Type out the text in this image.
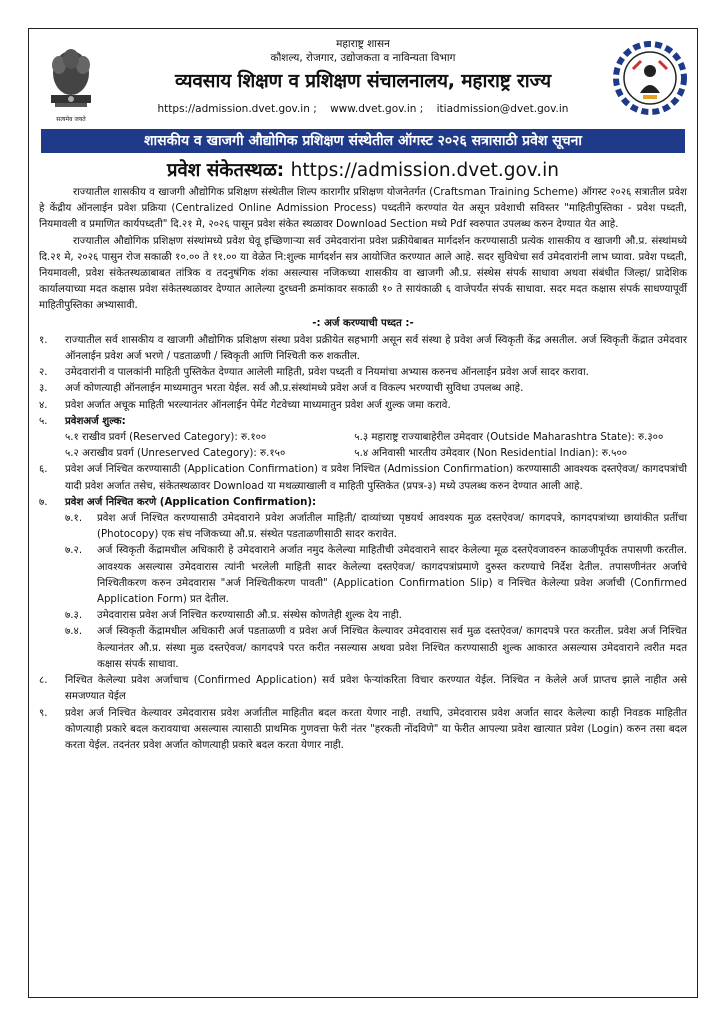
सत्यमेव जयते
महाराष्ट्र शासन
कौशल्य, रोजगार, उद्योजकता व नाविन्यता विभाग
व्यवसाय शिक्षण व प्रशिक्षण संचालनालय, महाराष्ट्र राज्य
https://admission.dvet.gov.in ; www.dvet.gov.in ; itiadmission@dvet.gov.in
शासकीय व खाजगी औद्योगिक प्रशिक्षण संस्थेतील ऑगस्ट २०२६ सत्रासाठी प्रवेश सूचना
प्रवेश संकेतस्थळ: https://admission.dvet.gov.in

राज्यातील शासकीय व खाजगी औद्योगिक प्रशिक्षण संस्थेतील शिल्प कारागीर प्रशिक्षण योजनेतर्गत (Craftsman Training Scheme) ऑगस्ट २०२६ सत्रातील प्रवेश हे केंद्रीय ऑनलाईन प्रवेश प्रक्रिया (Centralized Online Admission Process) पध्दतीने करण्यांत येत असून प्रवेशाची सविस्तर "माहितीपुस्तिका - प्रवेश पध्दती, नियमावली व प्रमाणित कार्यपध्दती" दि.२१ मे, २०२६ पासून प्रवेश संकेत स्थळावर Download Section मध्ये Pdf स्वरुपात उपलब्ध करुन देण्यात येत आहे.

राज्यातील औद्योगिक प्रशिक्षण संस्थांमध्ये प्रवेश घेवू इच्छिणाऱ्या सर्व उमेदवारांना प्रवेश प्रक्रीयेबाबत मार्गदर्शन करण्यासाठी प्रत्येक शासकीय व खाजगी औ.प्र. संस्थांमध्ये दि.२१ मे, २०२६ पासुन रोज सकाळी १०.०० ते ११.०० या वेळेत नि:शुल्क मार्गदर्शन सत्र आयोजित करण्यात आले आहे. सदर सुविधेचा सर्व उमेदवारांनी लाभ घ्यावा. प्रवेश पध्दती, नियमावली, प्रवेश संकेतस्थळाबाबत तांत्रिक व तदनुषंगिक शंका असल्यास नजिकच्या शासकीय वा खाजगी औ.प्र. संस्थेस संपर्क साधावा अथवा संबंधीत जिल्हा/ प्रादेशिक कार्यालयाच्या मदत कक्षास प्रवेश संकेतस्थळावर देण्यात आलेल्या दुरध्वनी क्रमांकावर सकाळी १० ते सायंकाळी ६ वाजेपर्यंत संपर्क साधावा. सदर मदत कक्षास संपर्क साधण्यापूर्वी माहितीपुस्तिका अभ्यासावी.

-: अर्ज करण्याची पध्दत :-
१.	राज्यातील सर्व शासकीय व खाजगी औद्योगिक प्रशिक्षण संस्था प्रवेश प्रक्रीयेत सहभागी असून सर्व संस्था हे प्रवेश अर्ज स्विकृती केंद्र असतील. अर्ज स्विकृती केंद्रात उमेदवार ऑनलाईन प्रवेश अर्ज भरणे / पडताळणी / स्विकृती आणि निश्चिती करु शकतील.
२.	उमेदवारांनी व पालकांनी माहिती पुस्तिकेत देण्यात आलेली माहिती, प्रवेश पध्दती व नियमांचा अभ्यास करुनच ऑनलाईन प्रवेश अर्ज सादर करावा.
३.	अर्ज कोणत्याही ऑनलाईन माध्यमातुन भरता येईल. सर्व औ.प्र.संस्थांमध्ये प्रवेश अर्ज व विकल्प भरण्याची सुविधा उपलब्ध आहे.
४.	प्रवेश अर्जात अचूक माहिती भरल्यानंतर ऑनलाईन पेमेंट गेटवेच्या माध्यमातुन प्रवेश अर्ज शुल्क जमा करावे.
५.	प्रवेशअर्ज शुल्क:
५.१ राखीव प्रवर्ग (Reserved Category): रु.१००	५.३ महाराष्ट्र राज्याबाहेरील उमेदवार (Outside Maharashtra State): रु.३००
५.२ अराखीव प्रवर्ग (Unreserved Category): रु.१५०	५.४ अनिवासी भारतीय उमेदवार (Non Residential Indian): रु.५००
६.	प्रवेश अर्ज निश्चित करण्यासाठी (Application Confirmation) व प्रवेश निश्चित (Admission Confirmation) करण्यासाठी आवश्यक दस्तऐवज/ कागदपत्रांची यादी प्रवेश अर्जात तसेच, संकेतस्थळावर Download या मथळ्याखाली व माहिती पुस्तिकेत (प्रपत्र-३) मध्ये उपलब्ध करुन देण्यात आली आहे.
७.	प्रवेश अर्ज निश्चित करणे (Application Confirmation):
७.१.	प्रवेश अर्ज निश्चित करण्यासाठी उमेदवाराने प्रवेश अर्जातील माहिती/ दाव्यांच्या पृष्ठयर्थ आवश्यक मुळ दस्तऐवज/ कागदपत्रे, कागदपत्रांच्या छायांकीत प्रतींचा (Photocopy) एक संच नजिकच्या औ.प्र. संस्थेत पडताळणीसाठी सादर करावेत.
७.२.	अर्ज स्विकृती केंद्रामधील अधिकारी हे उमेदवाराने अर्जात नमुद केलेल्या माहितीची उमेदवाराने सादर केलेल्या मूळ दस्तऐवजावरुन काळजीपूर्वक तपासणी करतील. आवश्यक असल्यास उमेदवारास त्यांनी भरलेली माहिती सादर केलेल्या दस्तऐवज/ कागदपत्रांप्रमाणे दुरुस्त करण्याचे निर्देश देतील. तपासणीनंतर अर्जाचे निश्चितीकरण करुन उमेदवारास "अर्ज निश्चितीकरण पावती" (Application Confirmation Slip) व निश्चित केलेल्या प्रवेश अर्जाची (Confirmed Application Form) प्रत देतील.
७.३.	उमेदवारास प्रवेश अर्ज निश्चित करण्यासाठी औ.प्र. संस्थेस कोणतेही शुल्क देय नाही.
७.४.	अर्ज स्विकृती केंद्रामधील अधिकारी अर्ज पडताळणी व प्रवेश अर्ज निश्चित केल्यावर उमेदवारास सर्व मुळ दस्तऐवज/ कागदपत्रे परत करतील. प्रवेश अर्ज निश्चित केल्यानंतर औ.प्र. संस्था मुळ दस्तऐवज/ कागदपत्रे परत करीत नसल्यास अथवा प्रवेश निश्चित करण्यासाठी शुल्क आकारत असल्यास उमेदवाराने त्वरीत मदत कक्षास संपर्क साधावा.
८.	निश्चित केलेल्या प्रवेश अर्जाचाच (Confirmed Application) सर्व प्रवेश फेऱ्यांकरिता विचार करण्यात येईल. निश्चित न केलेले अर्ज प्राप्तच झाले नाहीत असे समजण्यात येईल
९.	प्रवेश अर्ज निश्चित केल्यावर उमेदवारास प्रवेश अर्जातील माहितीत बदल करता येणार नाही. तथापि, उमेदवारास प्रवेश अर्जात सादर केलेल्या काही निवडक माहितीत कोणत्याही प्रकारे बदल करावयाचा असल्यास त्यासाठी प्राथमिक गुणवत्ता फेरी नंतर "हरकती नोंदविणे" या फेरीत आपल्या प्रवेश खात्यात प्रवेश (Login) करुन तसा बदल करता येईल. तदनंतर प्रवेश अर्जात कोणत्याही प्रकारे बदल करता येणार नाही.
